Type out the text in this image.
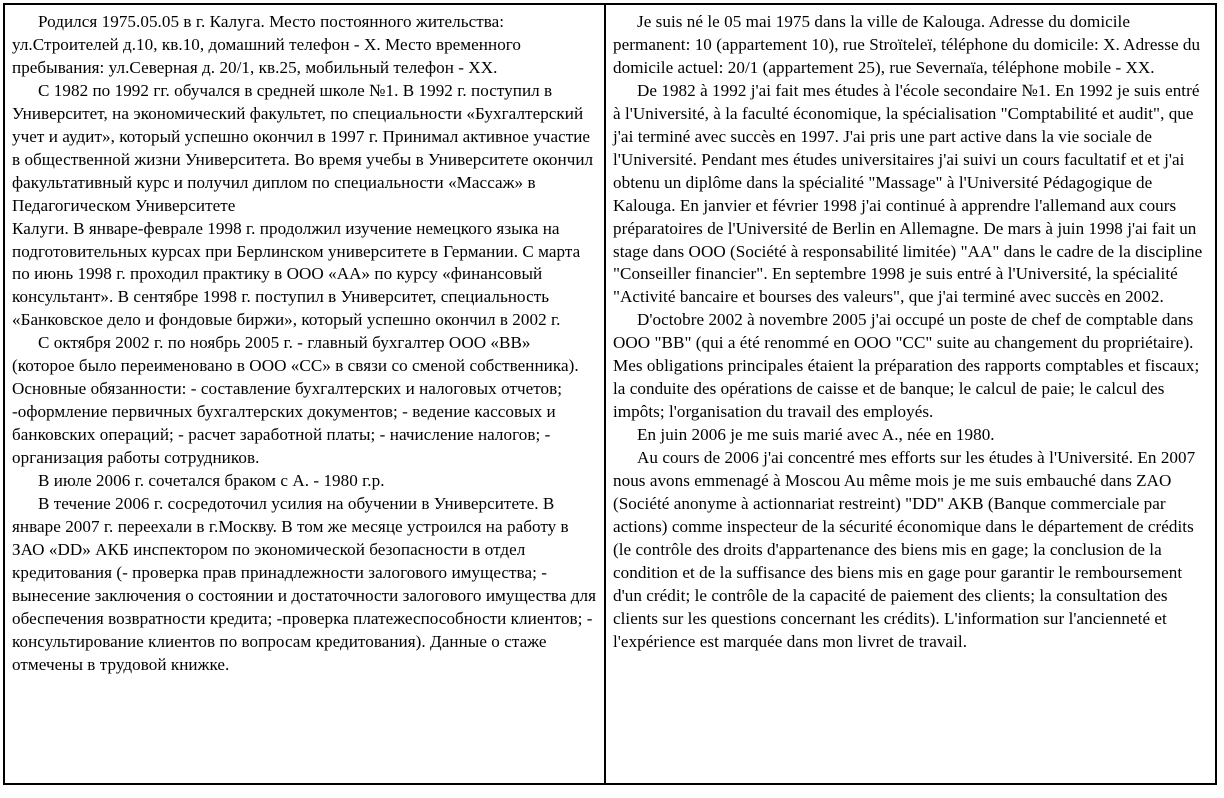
Родился 1975.05.05 в г. Калуга. Место постоянного жительства: ул.Строителей д.10, кв.10, домашний телефон - Х. Место временного пребывания: ул.Северная д. 20/1, кв.25, мобильный телефон - ХХ.

С 1982 по 1992 гг. обучался в средней школе №1. В 1992 г. поступил в Университет, на экономический факультет, по специальности «Бухгалтерский учет и аудит», который успешно окончил в 1997 г. Принимал активное участие в общественной жизни Университета. Во время учебы в Университете окончил факультативный курс и получил диплом по специальности «Массаж» в Педагогическом Университете

Калуги. В январе-феврале 1998 г. продолжил изучение немецкого языка на подготовительных курсах при Берлинском университете в Германии. С марта по июнь 1998 г. проходил практику в ООО «АА» по курсу «финансовый консультант». В сентябре 1998 г. поступил в Университет, специальность «Банковское дело и фондовые биржи», который успешно окончил в 2002 г.

С октября 2002 г. по ноябрь 2005 г. - главный бухгалтер ООО «ВВ» (которое было переименовано в ООО «СС» в связи со сменой собственника). Основные обязанности: - составление бухгалтерских и налоговых отчетов; -оформление первичных бухгалтерских документов; - ведение кассовых и банковских операций; - расчет заработной платы; - начисление налогов; - организация работы сотрудников.

В июле 2006 г. сочетался браком с А. - 1980 г.р.

В течение 2006 г. сосредоточил усилия на обучении в Университете. В январе 2007 г. переехали в г.Москву. В том же месяце устроился на работу в ЗАО «DD» АКБ инспектором по экономической безопасности в отдел кредитования (- проверка прав принадлежности залогового имущества; - вынесение заключения о состоянии и достаточности залогового имущества для обеспечения возвратности кредита; -проверка платежеспособности клиентов; - консультирование клиентов по вопросам кредитования). Данные о стаже отмечены в трудовой книжке.

Je suis né le 05 mai 1975 dans la ville de Kalouga. Adresse du domicile permanent: 10 (appartement 10), rue Stroïteleï, téléphone du domicile: X. Adresse du domicile actuel: 20/1 (appartement 25), rue Severnaïa, téléphone mobile - XX.

De 1982 à 1992 j'ai fait mes études à l'école secondaire №1. En 1992 je suis entré à l'Université, à la faculté économique, la spécialisation "Comptabilité et audit", que j'ai terminé avec succès en 1997. J'ai pris une part active dans la vie sociale de l'Université. Pendant mes études universitaires j'ai suivi un cours facultatif et et j'ai obtenu un diplôme dans la spécialité "Massage" à l'Université Pédagogique de Kalouga. En janvier et février 1998 j'ai continué à apprendre l'allemand aux cours préparatoires de l'Université de Berlin en Allemagne. De mars à juin 1998 j'ai fait un stage dans OOO (Société à responsabilité limitée) "AA" dans le cadre de la discipline "Conseiller financier". En septembre 1998 je suis entré à l'Université, la spécialité "Activité bancaire et bourses des valeurs", que j'ai terminé avec succès en 2002.

D'octobre 2002 à novembre 2005 j'ai occupé un poste de chef de comptable dans OOO "BB" (qui a été renommé en OOO "CC" suite au changement du propriétaire). Mes obligations principales étaient la préparation des rapports comptables et fiscaux; la conduite des opérations de caisse et de banque; le calcul de paie; le calcul des impôts; l'organisation du travail des employés.

En juin 2006 je me suis marié avec A., née en 1980.

Au cours de 2006 j'ai concentré mes efforts sur les études à l'Université. En 2007 nous avons emmenagé à Moscou Au même mois je me suis embauché dans ZAO (Société anonyme à actionnariat restreint) "DD" AKB (Banque commerciale par actions) comme inspecteur de la sécurité économique dans le département de crédits (le contrôle des droits d'appartenance des biens mis en gage; la conclusion de la condition et de la suffisance des biens mis en gage pour garantir le remboursement d'un crédit; le contrôle de la capacité de paiement des clients; la consultation des clients sur les questions concernant les crédits). L'information sur l'ancienneté et l'expérience est marquée dans mon livret de travail.
